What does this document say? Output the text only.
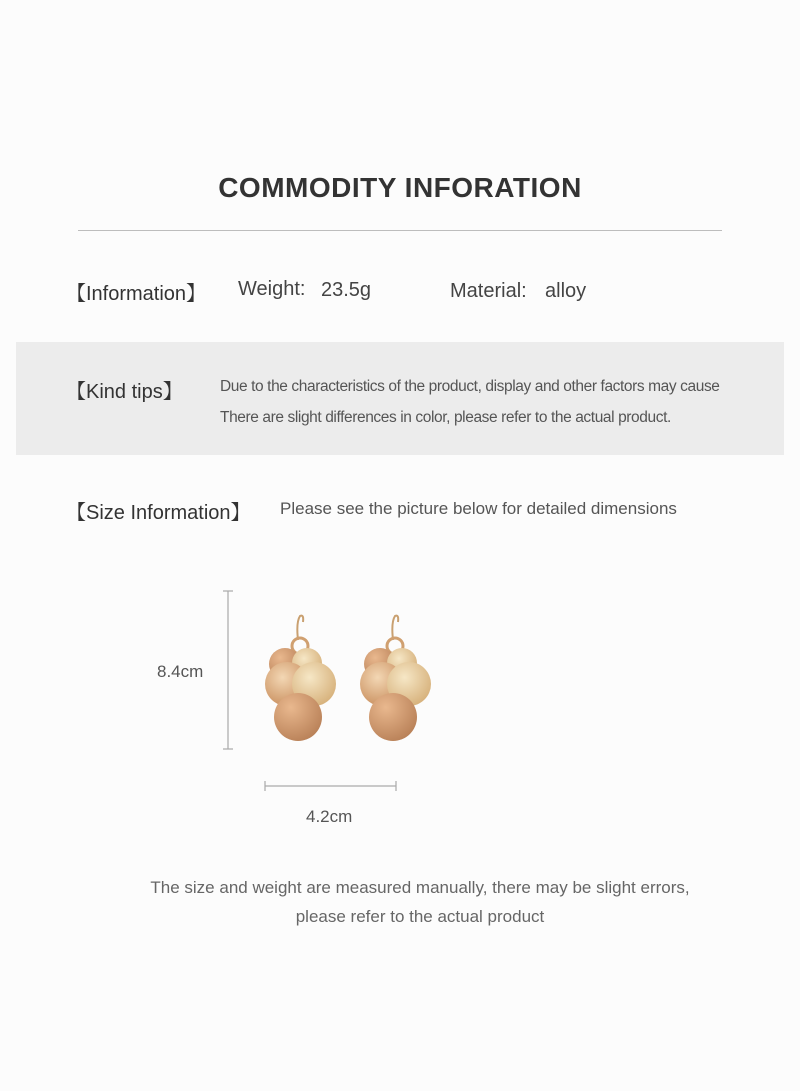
COMMODITY INFORATION
【Information】 Weight: 23.5g	Material: alloy
【Kind tips】 Due to the characteristics of the product, display and other factors may cause
There are slight differences in color, please refer to the actual product.
【Size Information】 Please see the picture below for detailed dimensions
8.4cm
4.2cm
The size and weight are measured manually, there may be slight errors,
please refer to the actual product
